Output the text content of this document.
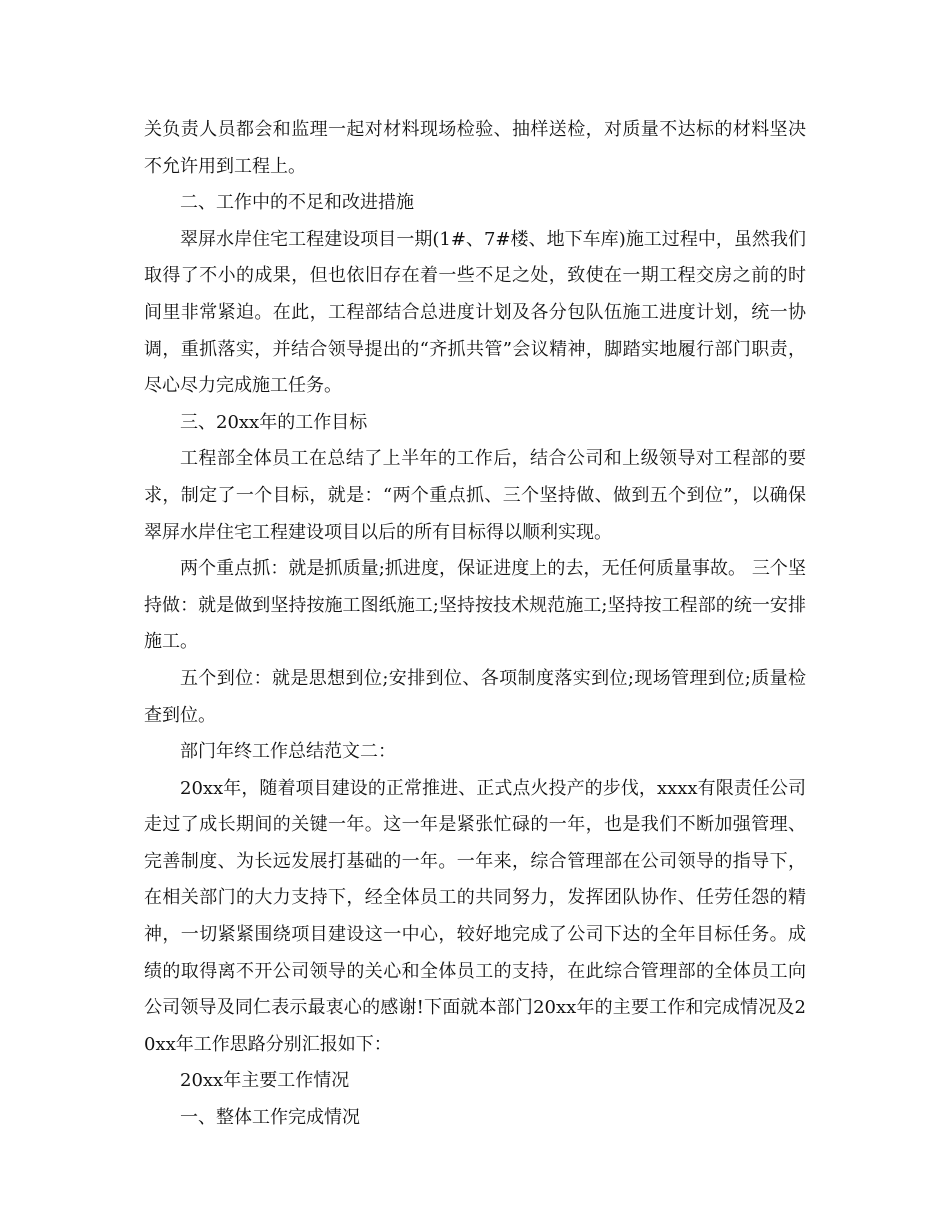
关负责人员都会和监理一起对材料现场检验、抽样送检，对质量不达标的材料坚决不允许用到工程上。

二、工作中的不足和改进措施

翠屏水岸住宅工程建设项目一期(1#、7#楼、地下车库)施工过程中，虽然我们取得了不小的成果，但也依旧存在着一些不足之处，致使在一期工程交房之前的时间里非常紧迫。在此，工程部结合总进度计划及各分包队伍施工进度计划，统一协调，重抓落实，并结合领导提出的“齐抓共管”会议精神，脚踏实地履行部门职责，尽心尽力完成施工任务。

三、20xx年的工作目标

工程部全体员工在总结了上半年的工作后，结合公司和上级领导对工程部的要求，制定了一个目标，就是：“两个重点抓、三个坚持做、做到五个到位”，以确保翠屏水岸住宅工程建设项目以后的所有目标得以顺利实现。

两个重点抓：就是抓质量;抓进度，保证进度上的去，无任何质量事故。 三个坚持做：就是做到坚持按施工图纸施工;坚持按技术规范施工;坚持按工程部的统一安排施工。

五个到位：就是思想到位;安排到位、各项制度落实到位;现场管理到位;质量检查到位。

部门年终工作总结范文二：

20xx年，随着项目建设的正常推进、正式点火投产的步伐，xxxx有限责任公司走过了成长期间的关键一年。这一年是紧张忙碌的一年，也是我们不断加强管理、完善制度、为长远发展打基础的一年。一年来，综合管理部在公司领导的指导下，在相关部门的大力支持下，经全体员工的共同努力，发挥团队协作、任劳任怨的精神，一切紧紧围绕项目建设这一中心，较好地完成了公司下达的全年目标任务。成绩的取得离不开公司领导的关心和全体员工的支持，在此综合管理部的全体员工向公司领导及同仁表示最衷心的感谢!下面就本部门20xx年的主要工作和完成情况及20xx年工作思路分别汇报如下：

20xx年主要工作情况

一、整体工作完成情况
